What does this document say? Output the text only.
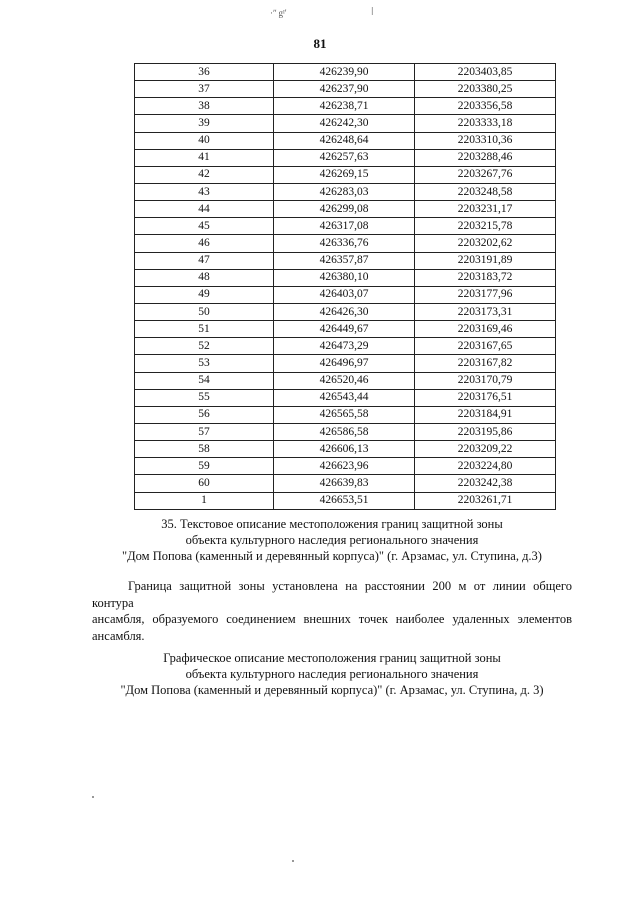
·ʺ gᴵ'	ǀ
81
36	426239,90	2203403,85
37	426237,90	2203380,25
38	426238,71	2203356,58
39	426242,30	2203333,18
40	426248,64	2203310,36
41	426257,63	2203288,46
42	426269,15	2203267,76
43	426283,03	2203248,58
44	426299,08	2203231,17
45	426317,08	2203215,78
46	426336,76	2203202,62
47	426357,87	2203191,89
48	426380,10	2203183,72
49	426403,07	2203177,96
50	426426,30	2203173,31
51	426449,67	2203169,46
52	426473,29	2203167,65
53	426496,97	2203167,82
54	426520,46	2203170,79
55	426543,44	2203176,51
56	426565,58	2203184,91
57	426586,58	2203195,86
58	426606,13	2203209,22
59	426623,96	2203224,80
60	426639,83	2203242,38
1	426653,51	2203261,71
35. Текстовое описание местоположения границ защитной зоны
объекта культурного наследия регионального значения
"Дом Попова (каменный и деревянный корпуса)" (г. Арзамас, ул. Ступина, д.3)
Граница защитной зоны установлена на расстоянии 200 м от линии общего контура
ансамбля, образуемого соединением внешних точек наиболее удаленных элементов
ансамбля.
Графическое описание местоположения границ защитной зоны
объекта культурного наследия регионального значения
"Дом Попова (каменный и деревянный корпуса)" (г. Арзамас, ул. Ступина, д. 3)
